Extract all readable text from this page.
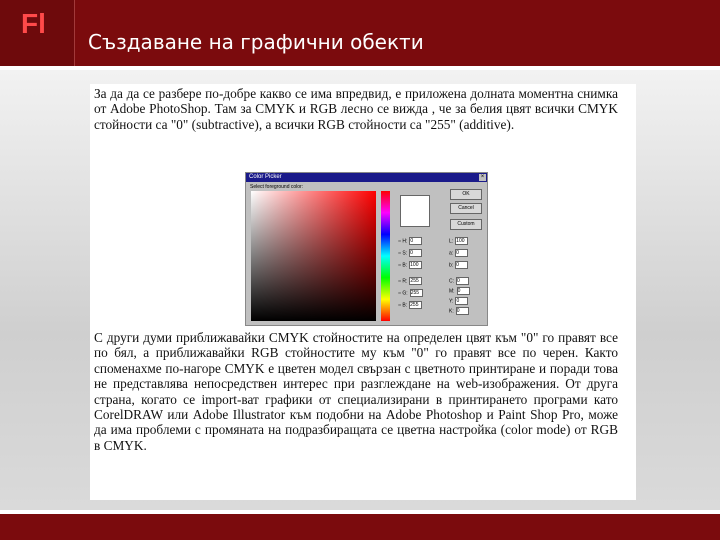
Fl
Създаване на графични обекти

За да да се разбере по-добре какво се има впредвид, е приложена долната моментна снимка от Adobe PhotoShop. Там за CMYK и RGB лесно се вижда , че за белия цвят всички CMYK стойности са "0" (subtractive), а всички RGB стойности са "255" (additive).

Color Picker	×
Select foreground color:
OK
Cancel
Custom
○ H: 0
○ S: 0
○ B: 100
○ R: 255
○ G: 255
○ B: 255
L: 100
a: 0
b: 0
C: 0
M: 0
Y: 0
K: 0

С други думи приближавайки CMYK стойностите на определен цвят към "0" го правят все по бял, а приближавайки RGB стойностите му към "0" го правят все по черен. Както споменахме по-нагоре CMYK е цветен модел свързан с цветното принтиране и поради това не представлява непосредствен интерес при разглеждане на web-изображения. От друга страна, когато се import-ват графики от специализирани в принтирането програми като CorelDRAW или Adobe Illustrator към подобни на Adobe Photoshop и Paint Shop Pro, може да има проблеми с промяната на подразбиращата се цветна настройка (color mode) от RGB в CMYK.
